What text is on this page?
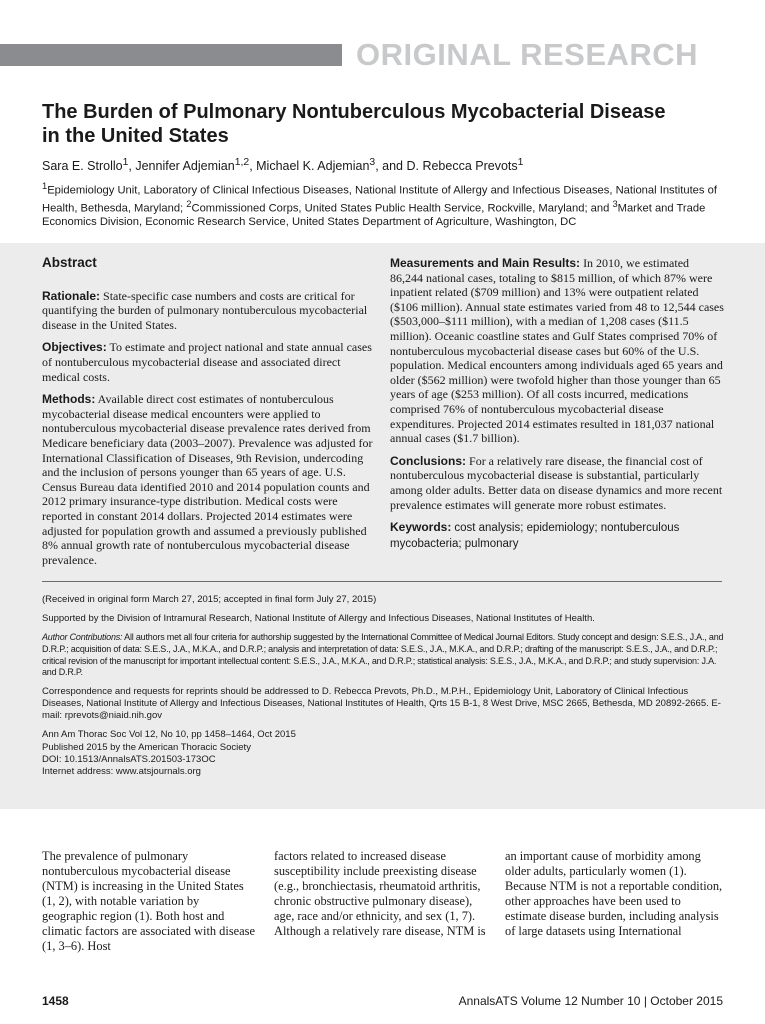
ORIGINAL RESEARCH
The Burden of Pulmonary Nontuberculous Mycobacterial Disease in the United States

Sara E. Strollo$^1$, Jennifer Adjemian$^{1,2}$, Michael K. Adjemian$^3$, and D. Rebecca Prevots$^1$

$^1$Epidemiology Unit, Laboratory of Clinical Infectious Diseases, National Institute of Allergy and Infectious Diseases, National Institutes of Health, Bethesda, Maryland; $^2$Commissioned Corps, United States Public Health Service, Rockville, Maryland; and $^3$Market and Trade Economics Division, Economic Research Service, United States Department of Agriculture, Washington, DC

Abstract

Rationale: State-specific case numbers and costs are critical for quantifying the burden of pulmonary nontuberculous mycobacterial disease in the United States.

Objectives: To estimate and project national and state annual cases of nontuberculous mycobacterial disease and associated direct medical costs.

Methods: Available direct cost estimates of nontuberculous mycobacterial disease medical encounters were applied to nontuberculous mycobacterial disease prevalence rates derived from Medicare beneficiary data (2003–2007). Prevalence was adjusted for International Classification of Diseases, 9th Revision, undercoding and the inclusion of persons younger than 65 years of age. U.S. Census Bureau data identified 2010 and 2014 population counts and 2012 primary insurance-type distribution. Medical costs were reported in constant 2014 dollars. Projected 2014 estimates were adjusted for population growth and assumed a previously published 8% annual growth rate of nontuberculous mycobacterial disease prevalence.

Measurements and Main Results: In 2010, we estimated 86,244 national cases, totaling to $815 million, of which 87% were inpatient related ($709 million) and 13% were outpatient related ($106 million). Annual state estimates varied from 48 to 12,544 cases ($503,000–$111 million), with a median of 1,208 cases ($11.5 million). Oceanic coastline states and Gulf States comprised 70% of nontuberculous mycobacterial disease cases but 60% of the U.S. population. Medical encounters among individuals aged 65 years and older ($562 million) were twofold higher than those younger than 65 years of age ($253 million). Of all costs incurred, medications comprised 76% of nontuberculous mycobacterial disease expenditures. Projected 2014 estimates resulted in 181,037 national annual cases ($1.7 billion).

Conclusions: For a relatively rare disease, the financial cost of nontuberculous mycobacterial disease is substantial, particularly among older adults. Better data on disease dynamics and more recent prevalence estimates will generate more robust estimates.

Keywords: cost analysis; epidemiology; nontuberculous mycobacteria; pulmonary

(Received in original form March 27, 2015; accepted in final form July 27, 2015)

Supported by the Division of Intramural Research, National Institute of Allergy and Infectious Diseases, National Institutes of Health.

Author Contributions: All authors met all four criteria for authorship suggested by the International Committee of Medical Journal Editors. Study concept and design: S.E.S., J.A., and D.R.P.; acquisition of data: S.E.S., J.A., M.K.A., and D.R.P.; analysis and interpretation of data: S.E.S., J.A., M.K.A., and D.R.P.; drafting of the manuscript: S.E.S., J.A., and D.R.P.; critical revision of the manuscript for important intellectual content: S.E.S., J.A., M.K.A., and D.R.P.; statistical analysis: S.E.S., J.A., M.K.A., and D.R.P.; and study supervision: J.A. and D.R.P.

Correspondence and requests for reprints should be addressed to D. Rebecca Prevots, Ph.D., M.P.H., Epidemiology Unit, Laboratory of Clinical Infectious Diseases, National Institute of Allergy and Infectious Diseases, National Institutes of Health, Qrts 15 B-1, 8 West Drive, MSC 2665, Bethesda, MD 20892-2665. E-mail: rprevots@niaid.nih.gov

Ann Am Thorac Soc Vol 12, No 10, pp 1458–1464, Oct 2015
Published 2015 by the American Thoracic Society
DOI: 10.1513/AnnalsATS.201503-173OC
Internet address: www.atsjournals.org
The prevalence of pulmonary nontuberculous mycobacterial disease (NTM) is increasing in the United States (1, 2), with notable variation by geographic region (1). Both host and climatic factors are associated with disease (1, 3–6). Host
factors related to increased disease susceptibility include preexisting disease (e.g., bronchiectasis, rheumatoid arthritis, chronic obstructive pulmonary disease), age, race and/or ethnicity, and sex (1, 7). Although a relatively rare disease, NTM is
an important cause of morbidity among older adults, particularly women (1). Because NTM is not a reportable condition, other approaches have been used to estimate disease burden, including analysis of large datasets using International
1458	AnnalsATS Volume 12 Number 10 | October 2015
